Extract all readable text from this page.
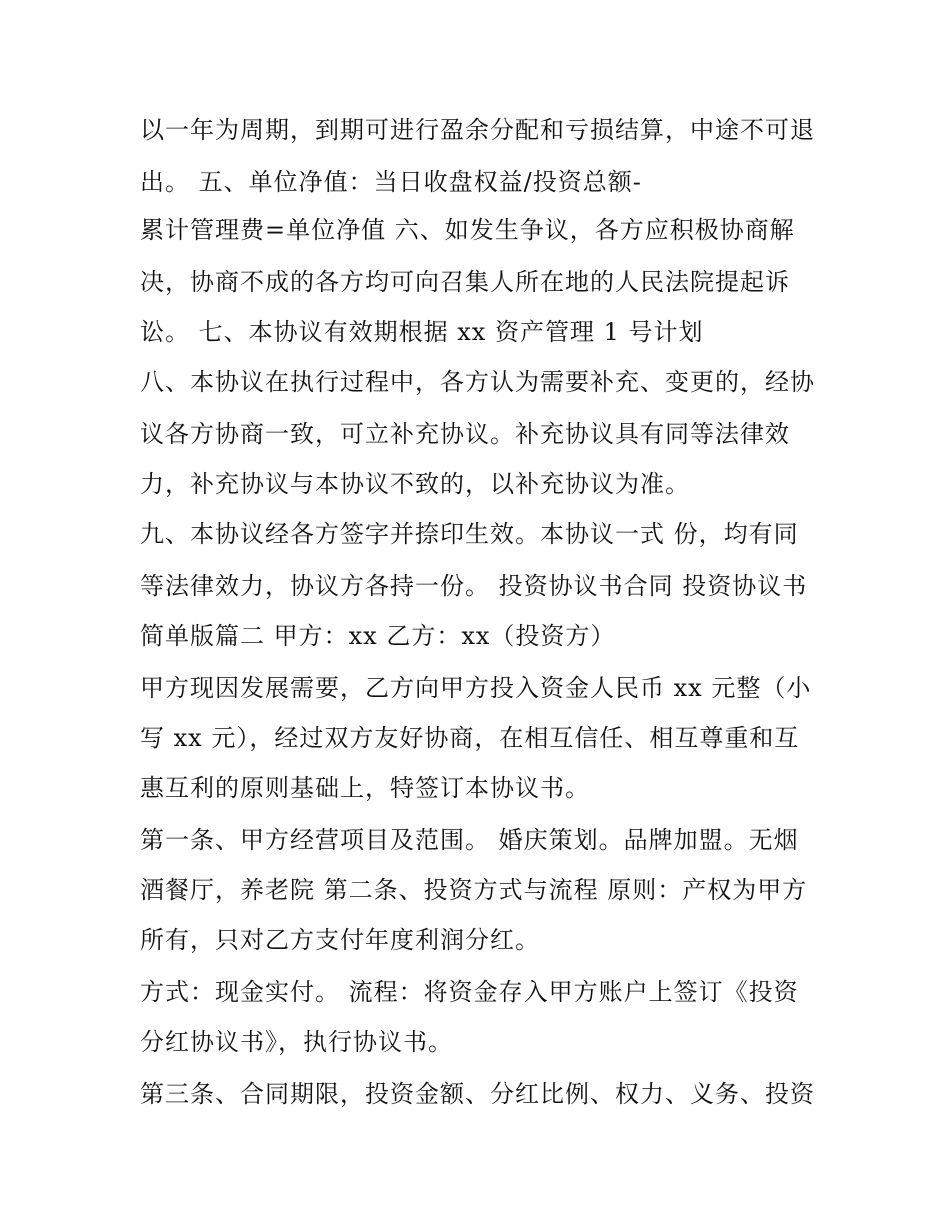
以一年为周期，到期可进行盈余分配和亏损结算，中途不可退
出。 五、单位净值：当日收盘权益/投资总额-
累计管理费=单位净值 六、如发生争议，各方应积极协商解
决，协商不成的各方均可向召集人所在地的人民法院提起诉
讼。 七、本协议有效期根据 xx 资产管理 1 号计划
八、本协议在执行过程中，各方认为需要补充、变更的，经协
议各方协商一致，可立补充协议。补充协议具有同等法律效
力，补充协议与本协议不致的，以补充协议为准。
九、本协议经各方签字并捺印生效。本协议一式 份，均有同
等法律效力，协议方各持一份。 投资协议书合同 投资协议书
简单版篇二 甲方：xx 乙方：xx（投资方）
甲方现因发展需要，乙方向甲方投入资金人民币 xx 元整（小
写 xx 元），经过双方友好协商，在相互信任、相互尊重和互
惠互利的原则基础上，特签订本协议书。
第一条、甲方经营项目及范围。 婚庆策划。品牌加盟。无烟
酒餐厅，养老院 第二条、投资方式与流程 原则：产权为甲方
所有，只对乙方支付年度利润分红。
方式：现金实付。 流程：将资金存入甲方账户上签订《投资
分红协议书》，执行协议书。
第三条、合同期限，投资金额、分红比例、权力、义务、投资
